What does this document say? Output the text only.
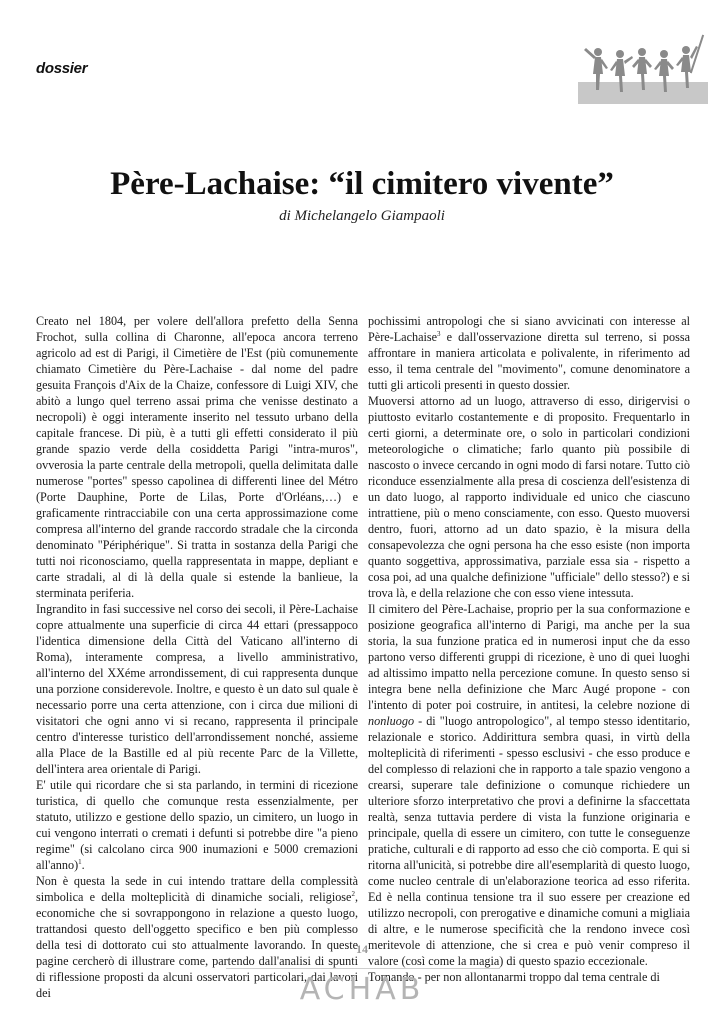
dossier
Père-Lachaise: “il cimitero vivente”
di Michelangelo Giampaoli

Creato nel 1804, per volere dell'allora prefetto della Senna Frochot, sulla collina di Charonne, all'epoca ancora terreno agricolo ad est di Parigi, il Cimetière de l'Est (più comunemente chiamato Cimetière du Père-Lachaise - dal nome del padre gesuita François d'Aix de la Chaize, confessore di Luigi XIV, che abitò a lungo quel terreno assai prima che venisse destinato a necropoli) è oggi interamente inserito nel tessuto urbano della capitale francese. Di più, è a tutti gli effetti considerato il più grande spazio verde della cosiddetta Parigi "intra-muros", ovverosia la parte centrale della metropoli, quella delimitata dalle numerose "portes" spesso capolinea di differenti linee del Métro (Porte Dauphine, Porte de Lilas, Porte d'Orléans,…) e graficamente rintracciabile con una certa approssimazione come compresa all'interno del grande raccordo stradale che la circonda denominato "Périphérique". Si tratta in sostanza della Parigi che tutti noi riconosciamo, quella rappresentata in mappe, depliant e carte stradali, al di là della quale si estende la banlieue, la sterminata periferia.

Ingrandito in fasi successive nel corso dei secoli, il Père-Lachaise copre attualmente una superficie di circa 44 ettari (pressappoco l'identica dimensione della Città del Vaticano all'interno di Roma), interamente compresa, a livello amministrativo, all'interno del XXéme arrondissement, di cui rappresenta dunque una porzione considerevole. Inoltre, e questo è un dato sul quale è necessario porre una certa attenzione, con i circa due milioni di visitatori che ogni anno vi si recano, rappresenta il principale centro d'interesse turistico dell'arrondissement nonché, assieme alla Place de la Bastille ed al più recente Parc de la Villette, dell'intera area orientale di Parigi.

E' utile qui ricordare che si sta parlando, in termini di ricezione turistica, di quello che comunque resta essenzialmente, per statuto, utilizzo e gestione dello spazio, un cimitero, un luogo in cui vengono interrati o cremati i defunti si potrebbe dire "a pieno regime" (si calcolano circa 900 inumazioni e 5000 cremazioni all'anno)$^1$.

Non è questa la sede in cui intendo trattare della complessità simbolica e della molteplicità di dinamiche sociali, religiose$^2$, economiche che si sovrappongono in relazione a questo luogo, trattandosi questo dell'oggetto specifico e ben più complesso della tesi di dottorato cui sto attualmente lavorando. In queste pagine cercherò di illustrare come, partendo dall'analisi di spunti di riflessione proposti da alcuni osservatori particolari, dai lavori dei

pochissimi antropologi che si siano avvicinati con interesse al Père-Lachaise$^3$ e dall'osservazione diretta sul terreno, si possa affrontare in maniera articolata e polivalente, in riferimento ad esso, il tema centrale del "movimento", comune denominatore a tutti gli articoli presenti in questo dossier.

Muoversi attorno ad un luogo, attraverso di esso, dirigervisi o piuttosto evitarlo costantemente e di proposito. Frequentarlo in certi giorni, a determinate ore, o solo in particolari condizioni meteorologiche o climatiche; farlo quanto più possibile di nascosto o invece cercando in ogni modo di farsi notare. Tutto ciò riconduce essenzialmente alla presa di coscienza dell'esistenza di un dato luogo, al rapporto individuale ed unico che ciascuno intrattiene, più o meno consciamente, con esso. Questo muoversi dentro, fuori, attorno ad un dato spazio, è la misura della consapevolezza che ogni persona ha che esso esiste (non importa quanto soggettiva, approssimativa, parziale essa sia - rispetto a cosa poi, ad una qualche definizione "ufficiale" dello stesso?) e si trova là, e della relazione che con esso viene intessuta.

Il cimitero del Père-Lachaise, proprio per la sua conformazione e posizione geografica all'interno di Parigi, ma anche per la sua storia, la sua funzione pratica ed in numerosi input che da esso partono verso differenti gruppi di ricezione, è uno di quei luoghi ad altissimo impatto nella percezione comune. In questo senso si integra bene nella definizione che Marc Augé propone - con l'intento di poter poi costruire, in antitesi, la celebre nozione di nonluogo - di "luogo antropologico", al tempo stesso identitario, relazionale e storico. Addirittura sembra quasi, in virtù della molteplicità di riferimenti - spesso esclusivi - che esso produce e del complesso di relazioni che in rapporto a tale spazio vengono a crearsi, superare tale definizione o comunque richiedere un ulteriore sforzo interpretativo che provi a definirne la sfaccettata realtà, senza tuttavia perdere di vista la funzione originaria e principale, quella di essere un cimitero, con tutte le conseguenze pratiche, culturali e di rapporto ad esso che ciò comporta. E qui si ritorna all'unicità, si potrebbe dire all'esemplarità di questo luogo, come nucleo centrale di un'elaborazione teorica ad esso riferita. Ed è nella continua tensione tra il suo essere per creazione ed utilizzo necropoli, con prerogative e dinamiche comuni a migliaia di altre, e le numerose specificità che la rendono invece così meritevole di attenzione, che si crea e può venir compreso il valore (così come la magia) di questo spazio eccezionale.

Tornando - per non allontanarmi troppo dal tema centrale di

14
ACHAB
